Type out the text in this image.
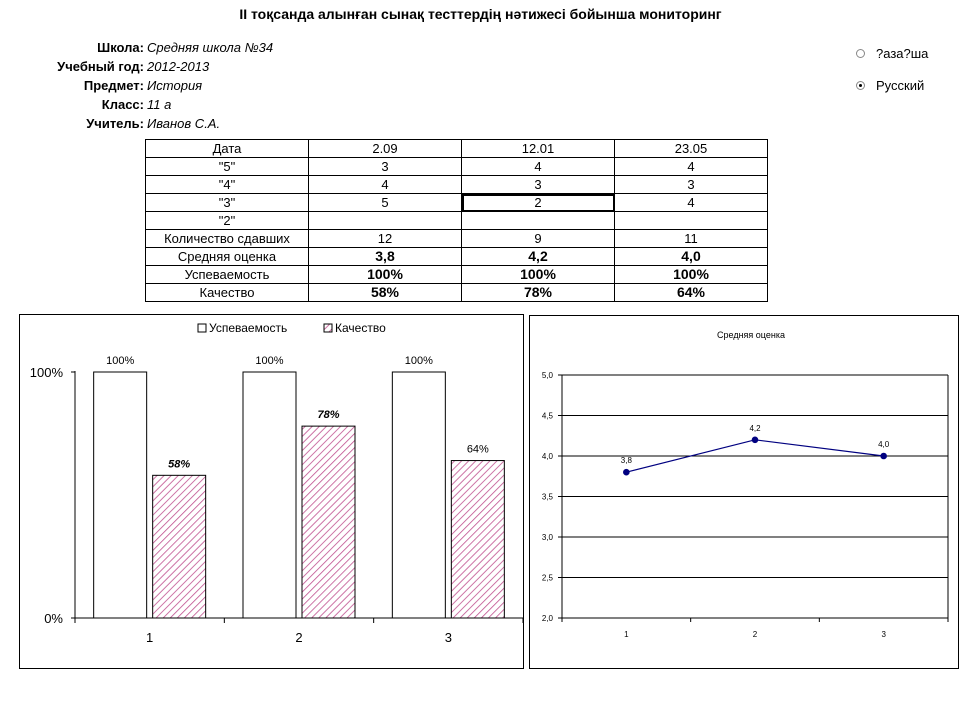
II тоқсанда алынған сынақ тесттердің нәтижесі бойынша мониторинг
Школа: Средняя школа №34
Учебный год: 2012-2013
Предмет: История
Класс: 11 а
Учитель: Иванов С.А.
?аза?ша
Русский
Дата	2.09	12.01	23.05
"5"	3	4	4
"4"	4	3	3
"3"	5	2	4
"2"			
Количество сдавших	12	9	11
Средняя оценка	3,8	4,2	4,0
Успеваемость	100%	100%	100%
Качество	58%	78%	64%
Успеваемость	Качество
0%
100%
1
100%
58%
2
100%
78%
3
100%
64%
Средняя оценка
2,0
2,5
3,0
3,5
4,0
4,5
5,0
3,8
1
4,2
2
4,0
3
